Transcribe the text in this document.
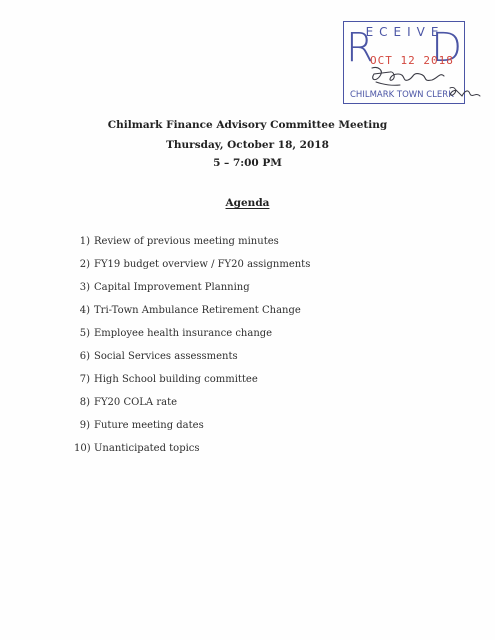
R
ECEIVE
D
OCT 12 2018
CHILMARK TOWN CLERK

Chilmark Finance Advisory Committee Meeting

Thursday, October 18, 2018

5 – 7:00 PM

Agenda
1) Review of previous meeting minutes
2) FY19 budget overview / FY20 assignments
3) Capital Improvement Planning
4) Tri-Town Ambulance Retirement Change
5) Employee health insurance change
6) Social Services assessments
7) High School building committee
8) FY20 COLA rate
9) Future meeting dates
10) Unanticipated topics
